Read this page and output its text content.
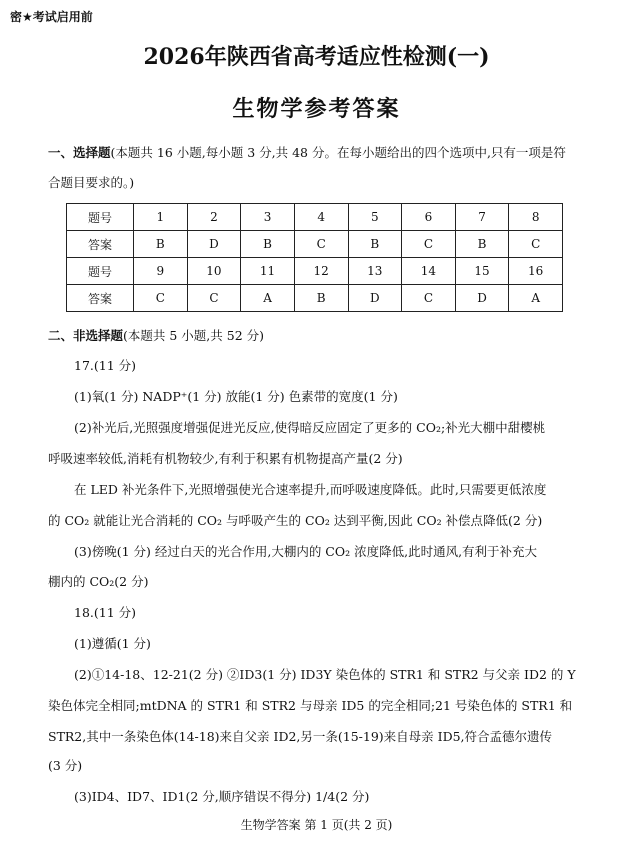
密★考试启用前
2026年陕西省高考适应性检测(一)
生物学参考答案
一、选择题(本题共 16 小题,每小题 3 分,共 48 分。在每小题给出的四个选项中,只有一项是符
合题目要求的。)
题号	1	2	3	4	5	6	7	8
答案	B	D	B	C	B	C	B	C
题号	9	10	11	12	13	14	15	16
答案	C	C	A	B	D	C	D	A
二、非选择题(本题共 5 小题,共 52 分)
17.(11 分)
(1)氧(1 分) NADP⁺(1 分) 放能(1 分) 色素带的宽度(1 分)
(2)补光后,光照强度增强促进光反应,使得暗反应固定了更多的 CO₂;补光大棚中甜樱桃
呼吸速率较低,消耗有机物较少,有利于积累有机物提高产量(2 分)
在 LED 补光条件下,光照增强使光合速率提升,而呼吸速度降低。此时,只需要更低浓度
的 CO₂ 就能让光合消耗的 CO₂ 与呼吸产生的 CO₂ 达到平衡,因此 CO₂ 补偿点降低(2 分)
(3)傍晚(1 分) 经过白天的光合作用,大棚内的 CO₂ 浓度降低,此时通风,有利于补充大
棚内的 CO₂(2 分)
18.(11 分)
(1)遵循(1 分)
(2)①14-18、12-21(2 分) ②ID3(1 分) ID3Y 染色体的 STR1 和 STR2 与父亲 ID2 的 Y
染色体完全相同;mtDNA 的 STR1 和 STR2 与母亲 ID5 的完全相同;21 号染色体的 STR1 和
STR2,其中一条染色体(14-18)来自父亲 ID2,另一条(15-19)来自母亲 ID5,符合孟德尔遗传
(3 分)
(3)ID4、ID7、ID1(2 分,顺序错误不得分) 1/4(2 分)
生物学答案 第 1 页(共 2 页)
